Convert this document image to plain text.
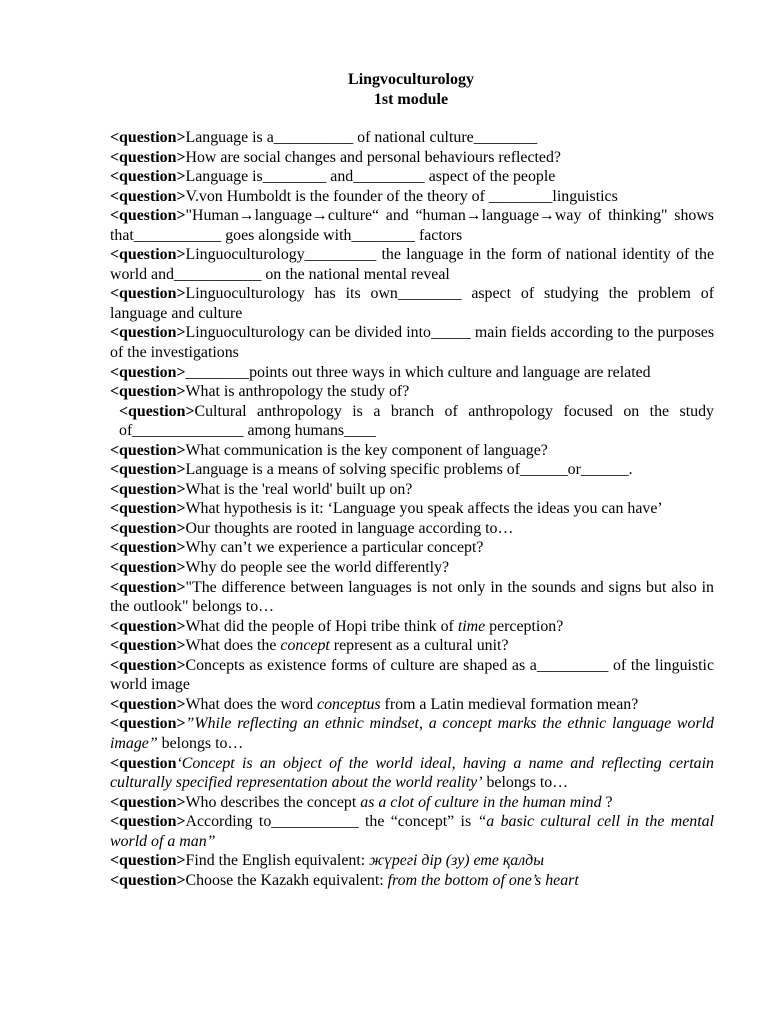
Lingvoculturology
1st module

<question>Language is a__________ of national culture________

<question>How are social changes and personal behaviours reflected?

<question>Language is________ and_________ aspect of the people

<question>V.von Humboldt is the founder of the theory of ________linguistics

<question>"Human→language→culture“ and “human→language→way of thinking" shows that___________ goes alongside with________ factors

<question>Linguoculturology_________ the language in the form of national identity of the world and___________ on the national mental reveal

<question>Linguoculturology has its own________ aspect of studying the problem of language and culture

<question>Linguoculturology can be divided into_____ main fields according to the purposes of the investigations

<question>________points out three ways in which culture and language are related

<question>What is anthropology the study of?

<question>Cultural anthropology is a branch of anthropology focused on the study of______________ among humans____

<question>What communication is the key component of language?

<question>Language is a means of solving specific problems of______or______.

<question>What is the 'real world' built up on?

<question>What hypothesis is it: ‘Language you speak affects the ideas you can have’

<question>Our thoughts are rooted in language according to…

<question>Why can’t we experience a particular concept?

<question>Why do people see the world differently?

<question>"The difference between languages is not only in the sounds and signs but also in the outlook" belongs to…

<question>What did the people of Hopi tribe think of time perception?

<question>What does the concept represent as a cultural unit?

<question>Concepts as existence forms of culture are shaped as a_________ of the linguistic world image

<question>What does the word conceptus from a Latin medieval formation mean?

<question>”While reflecting an ethnic mindset, a concept marks the ethnic language world image” belongs to…

<question‘Concept is an object of the world ideal, having a name and reflecting certain culturally specified representation about the world reality’ belongs to…

<question>Who describes the concept as a clot of culture in the human mind ?

<question>According to___________ the “concept” is “a basic cultural cell in the mental world of a man”

<question>Find the English equivalent: жүрегі дір (зу) ете қалды

<question>Choose the Kazakh equivalent: from the bottom of one’s heart
